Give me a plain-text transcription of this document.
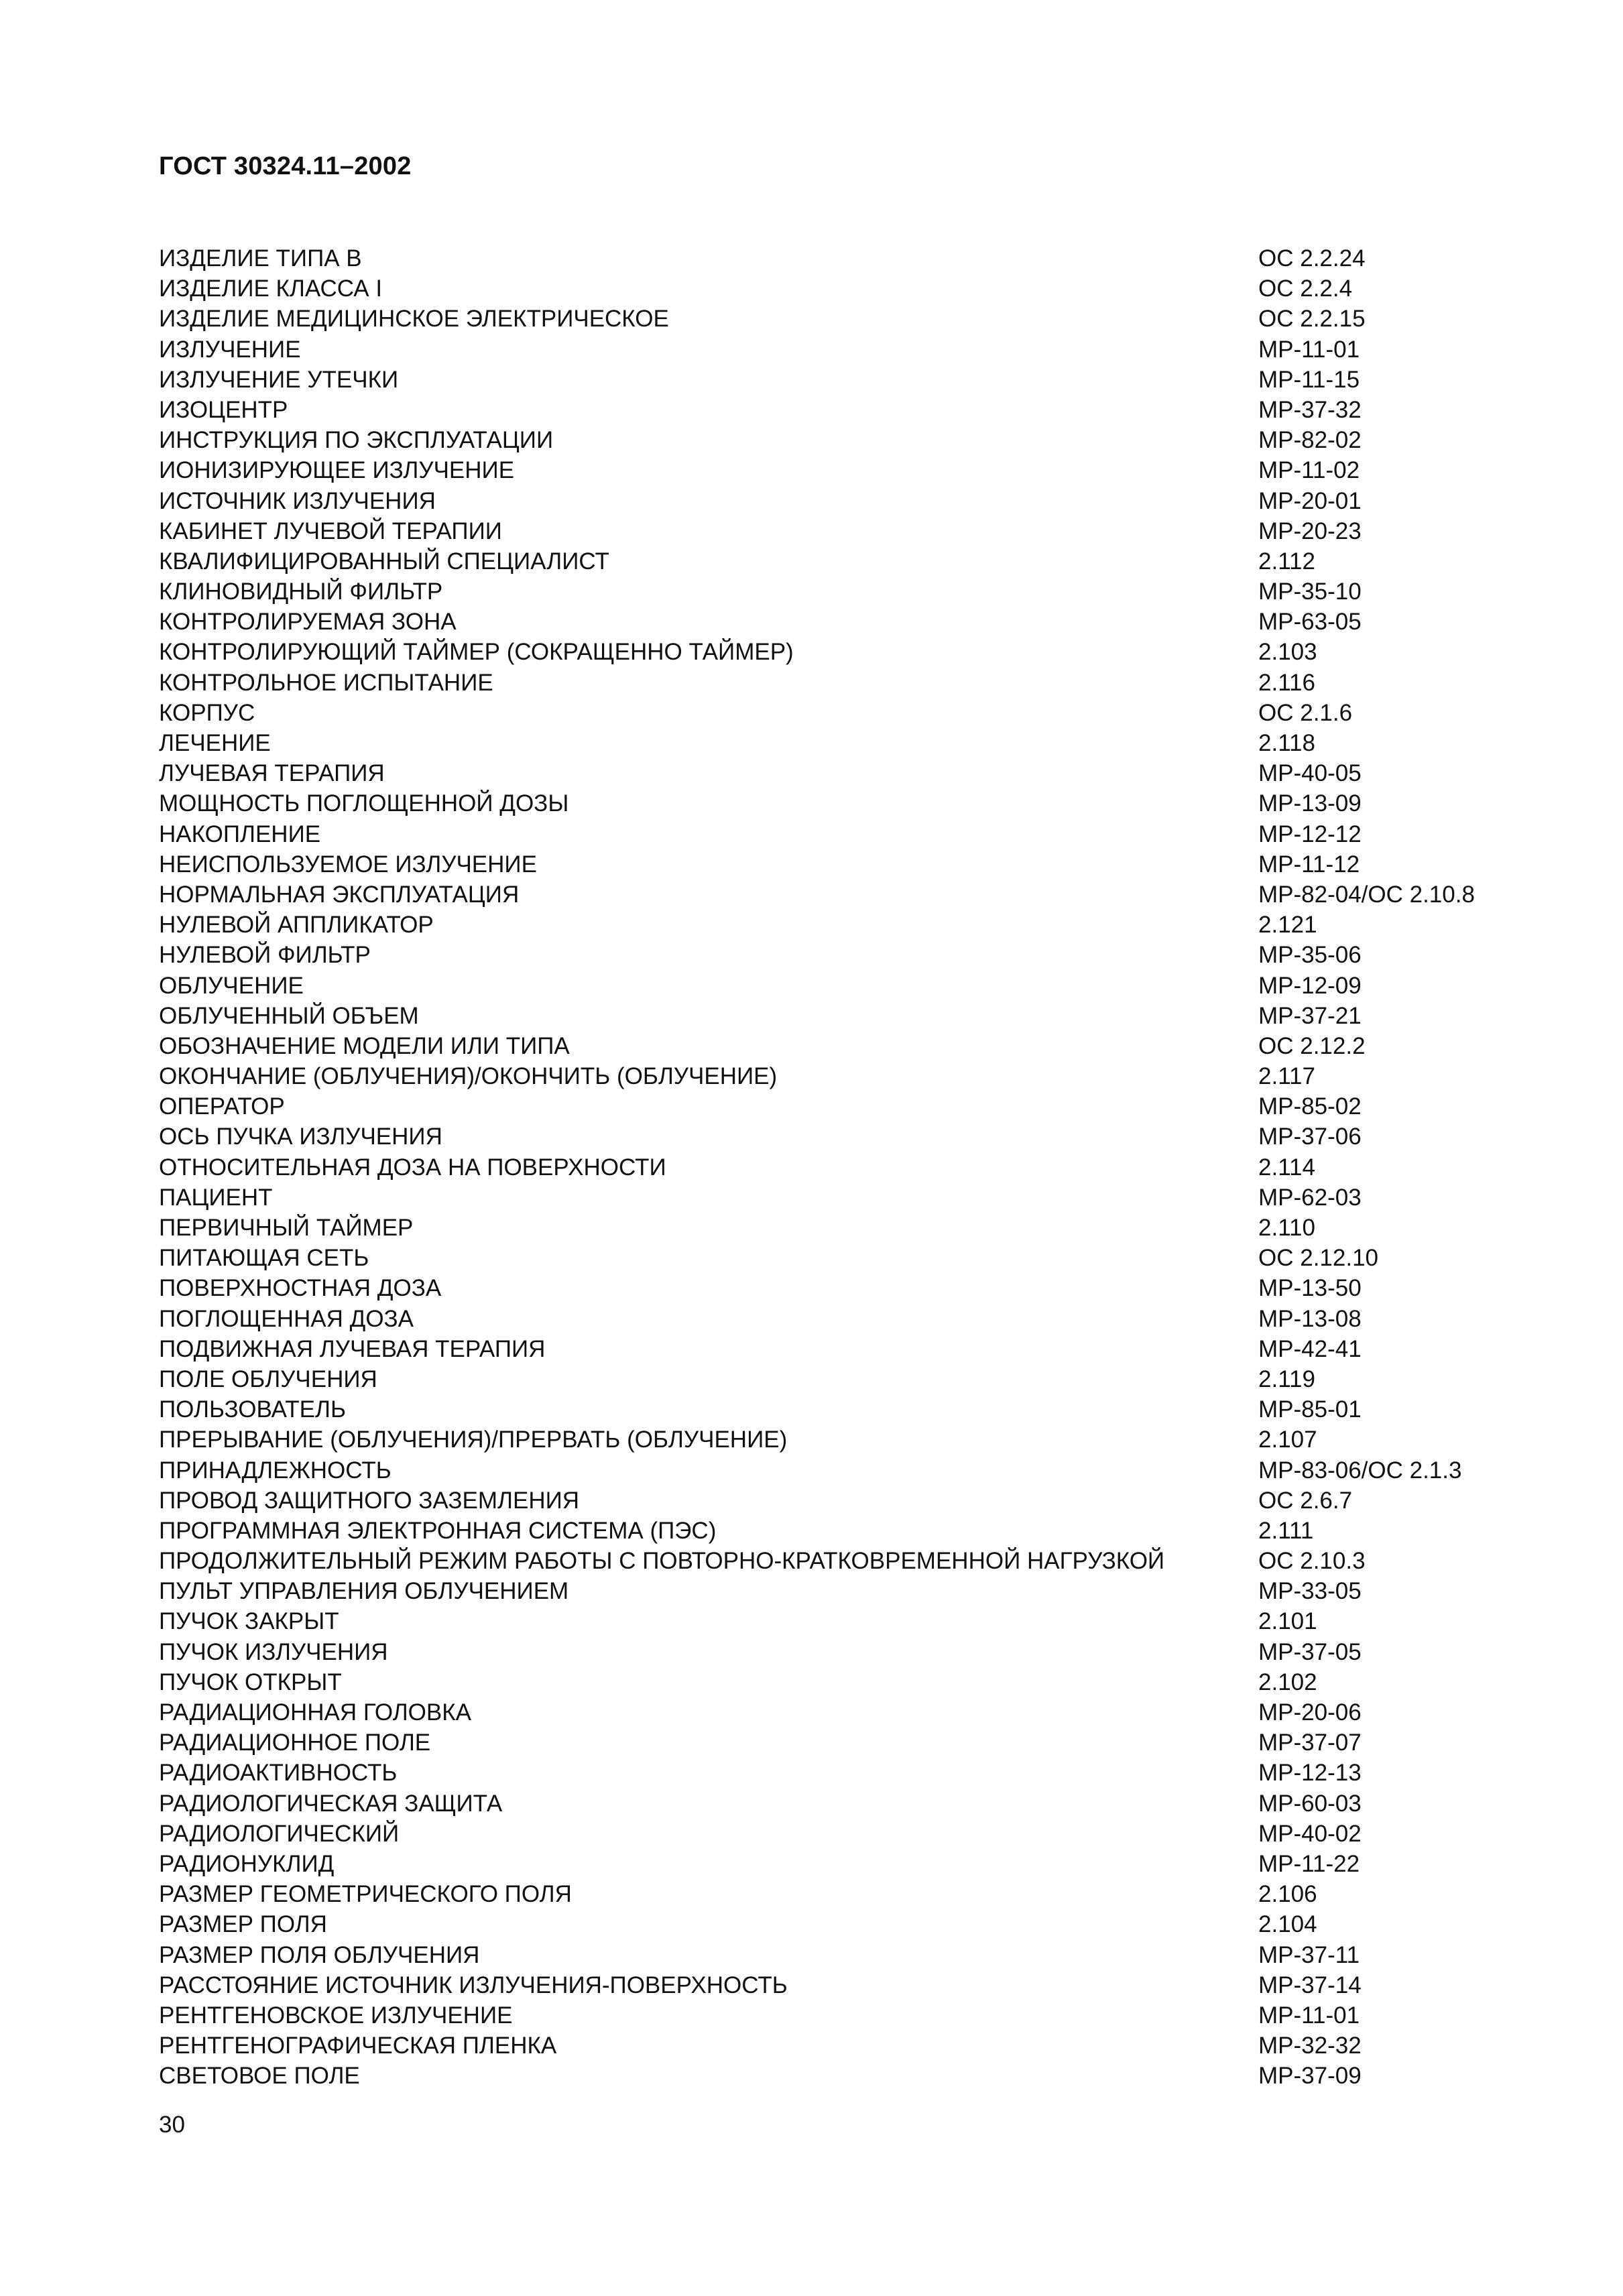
ГОСТ 30324.11–2002
ИЗДЕЛИЕ ТИПА B	ОС 2.2.24
ИЗДЕЛИЕ КЛАССА I	ОС 2.2.4
ИЗДЕЛИЕ МЕДИЦИНСКОЕ ЭЛЕКТРИЧЕСКОЕ	ОС 2.2.15
ИЗЛУЧЕНИЕ	МР-11-01
ИЗЛУЧЕНИЕ УТЕЧКИ	МР-11-15
ИЗОЦЕНТР	МР-37-32
ИНСТРУКЦИЯ ПО ЭКСПЛУАТАЦИИ	МР-82-02
ИОНИЗИРУЮЩЕЕ ИЗЛУЧЕНИЕ	МР-11-02
ИСТОЧНИК ИЗЛУЧЕНИЯ	МР-20-01
КАБИНЕТ ЛУЧЕВОЙ ТЕРАПИИ	МР-20-23
КВАЛИФИЦИРОВАННЫЙ СПЕЦИАЛИСТ	2.112
КЛИНОВИДНЫЙ ФИЛЬТР	МР-35-10
КОНТРОЛИРУЕМАЯ ЗОНА	МР-63-05
КОНТРОЛИРУЮЩИЙ ТАЙМЕР (СОКРАЩЕННО ТАЙМЕР)	2.103
КОНТРОЛЬНОЕ ИСПЫТАНИЕ	2.116
КОРПУС	ОС 2.1.6
ЛЕЧЕНИЕ	2.118
ЛУЧЕВАЯ ТЕРАПИЯ	МР-40-05
МОЩНОСТЬ ПОГЛОЩЕННОЙ ДОЗЫ	МР-13-09
НАКОПЛЕНИЕ	МР-12-12
НЕИСПОЛЬЗУЕМОЕ ИЗЛУЧЕНИЕ	МР-11-12
НОРМАЛЬНАЯ ЭКСПЛУАТАЦИЯ	МР-82-04/ОС 2.10.8
НУЛЕВОЙ АППЛИКАТОР	2.121
НУЛЕВОЙ ФИЛЬТР	МР-35-06
ОБЛУЧЕНИЕ	МР-12-09
ОБЛУЧЕННЫЙ ОБЪЕМ	МР-37-21
ОБОЗНАЧЕНИЕ МОДЕЛИ ИЛИ ТИПА	ОС 2.12.2
ОКОНЧАНИЕ (ОБЛУЧЕНИЯ)/ОКОНЧИТЬ (ОБЛУЧЕНИЕ)	2.117
ОПЕРАТОР	МР-85-02
ОСЬ ПУЧКА ИЗЛУЧЕНИЯ	МР-37-06
ОТНОСИТЕЛЬНАЯ ДОЗА НА ПОВЕРХНОСТИ	2.114
ПАЦИЕНТ	МР-62-03
ПЕРВИЧНЫЙ ТАЙМЕР	2.110
ПИТАЮЩАЯ СЕТЬ	ОС 2.12.10
ПОВЕРХНОСТНАЯ ДОЗА	МР-13-50
ПОГЛОЩЕННАЯ ДОЗА	МР-13-08
ПОДВИЖНАЯ ЛУЧЕВАЯ ТЕРАПИЯ	МР-42-41
ПОЛЕ ОБЛУЧЕНИЯ	2.119
ПОЛЬЗОВАТЕЛЬ	МР-85-01
ПРЕРЫВАНИЕ (ОБЛУЧЕНИЯ)/ПРЕРВАТЬ (ОБЛУЧЕНИЕ)	2.107
ПРИНАДЛЕЖНОСТЬ	МР-83-06/ОС 2.1.3
ПРОВОД ЗАЩИТНОГО ЗАЗЕМЛЕНИЯ	ОС 2.6.7
ПРОГРАММНАЯ ЭЛЕКТРОННАЯ СИСТЕМА (ПЭС)	2.111
ПРОДОЛЖИТЕЛЬНЫЙ РЕЖИМ РАБОТЫ С ПОВТОРНО-КРАТКОВРЕМЕННОЙ НАГРУЗКОЙ	ОС 2.10.3
ПУЛЬТ УПРАВЛЕНИЯ ОБЛУЧЕНИЕМ	МР-33-05
ПУЧОК ЗАКРЫТ	2.101
ПУЧОК ИЗЛУЧЕНИЯ	МР-37-05
ПУЧОК ОТКРЫТ	2.102
РАДИАЦИОННАЯ ГОЛОВКА	МР-20-06
РАДИАЦИОННОЕ ПОЛЕ	МР-37-07
РАДИОАКТИВНОСТЬ	МР-12-13
РАДИОЛОГИЧЕСКАЯ ЗАЩИТА	МР-60-03
РАДИОЛОГИЧЕСКИЙ	МР-40-02
РАДИОНУКЛИД	МР-11-22
РАЗМЕР ГЕОМЕТРИЧЕСКОГО ПОЛЯ	2.106
РАЗМЕР ПОЛЯ	2.104
РАЗМЕР ПОЛЯ ОБЛУЧЕНИЯ	МР-37-11
РАССТОЯНИЕ ИСТОЧНИК ИЗЛУЧЕНИЯ-ПОВЕРХНОСТЬ	МР-37-14
РЕНТГЕНОВСКОЕ ИЗЛУЧЕНИЕ	МР-11-01
РЕНТГЕНОГРАФИЧЕСКАЯ ПЛЕНКА	МР-32-32
СВЕТОВОЕ ПОЛЕ	МР-37-09
30
